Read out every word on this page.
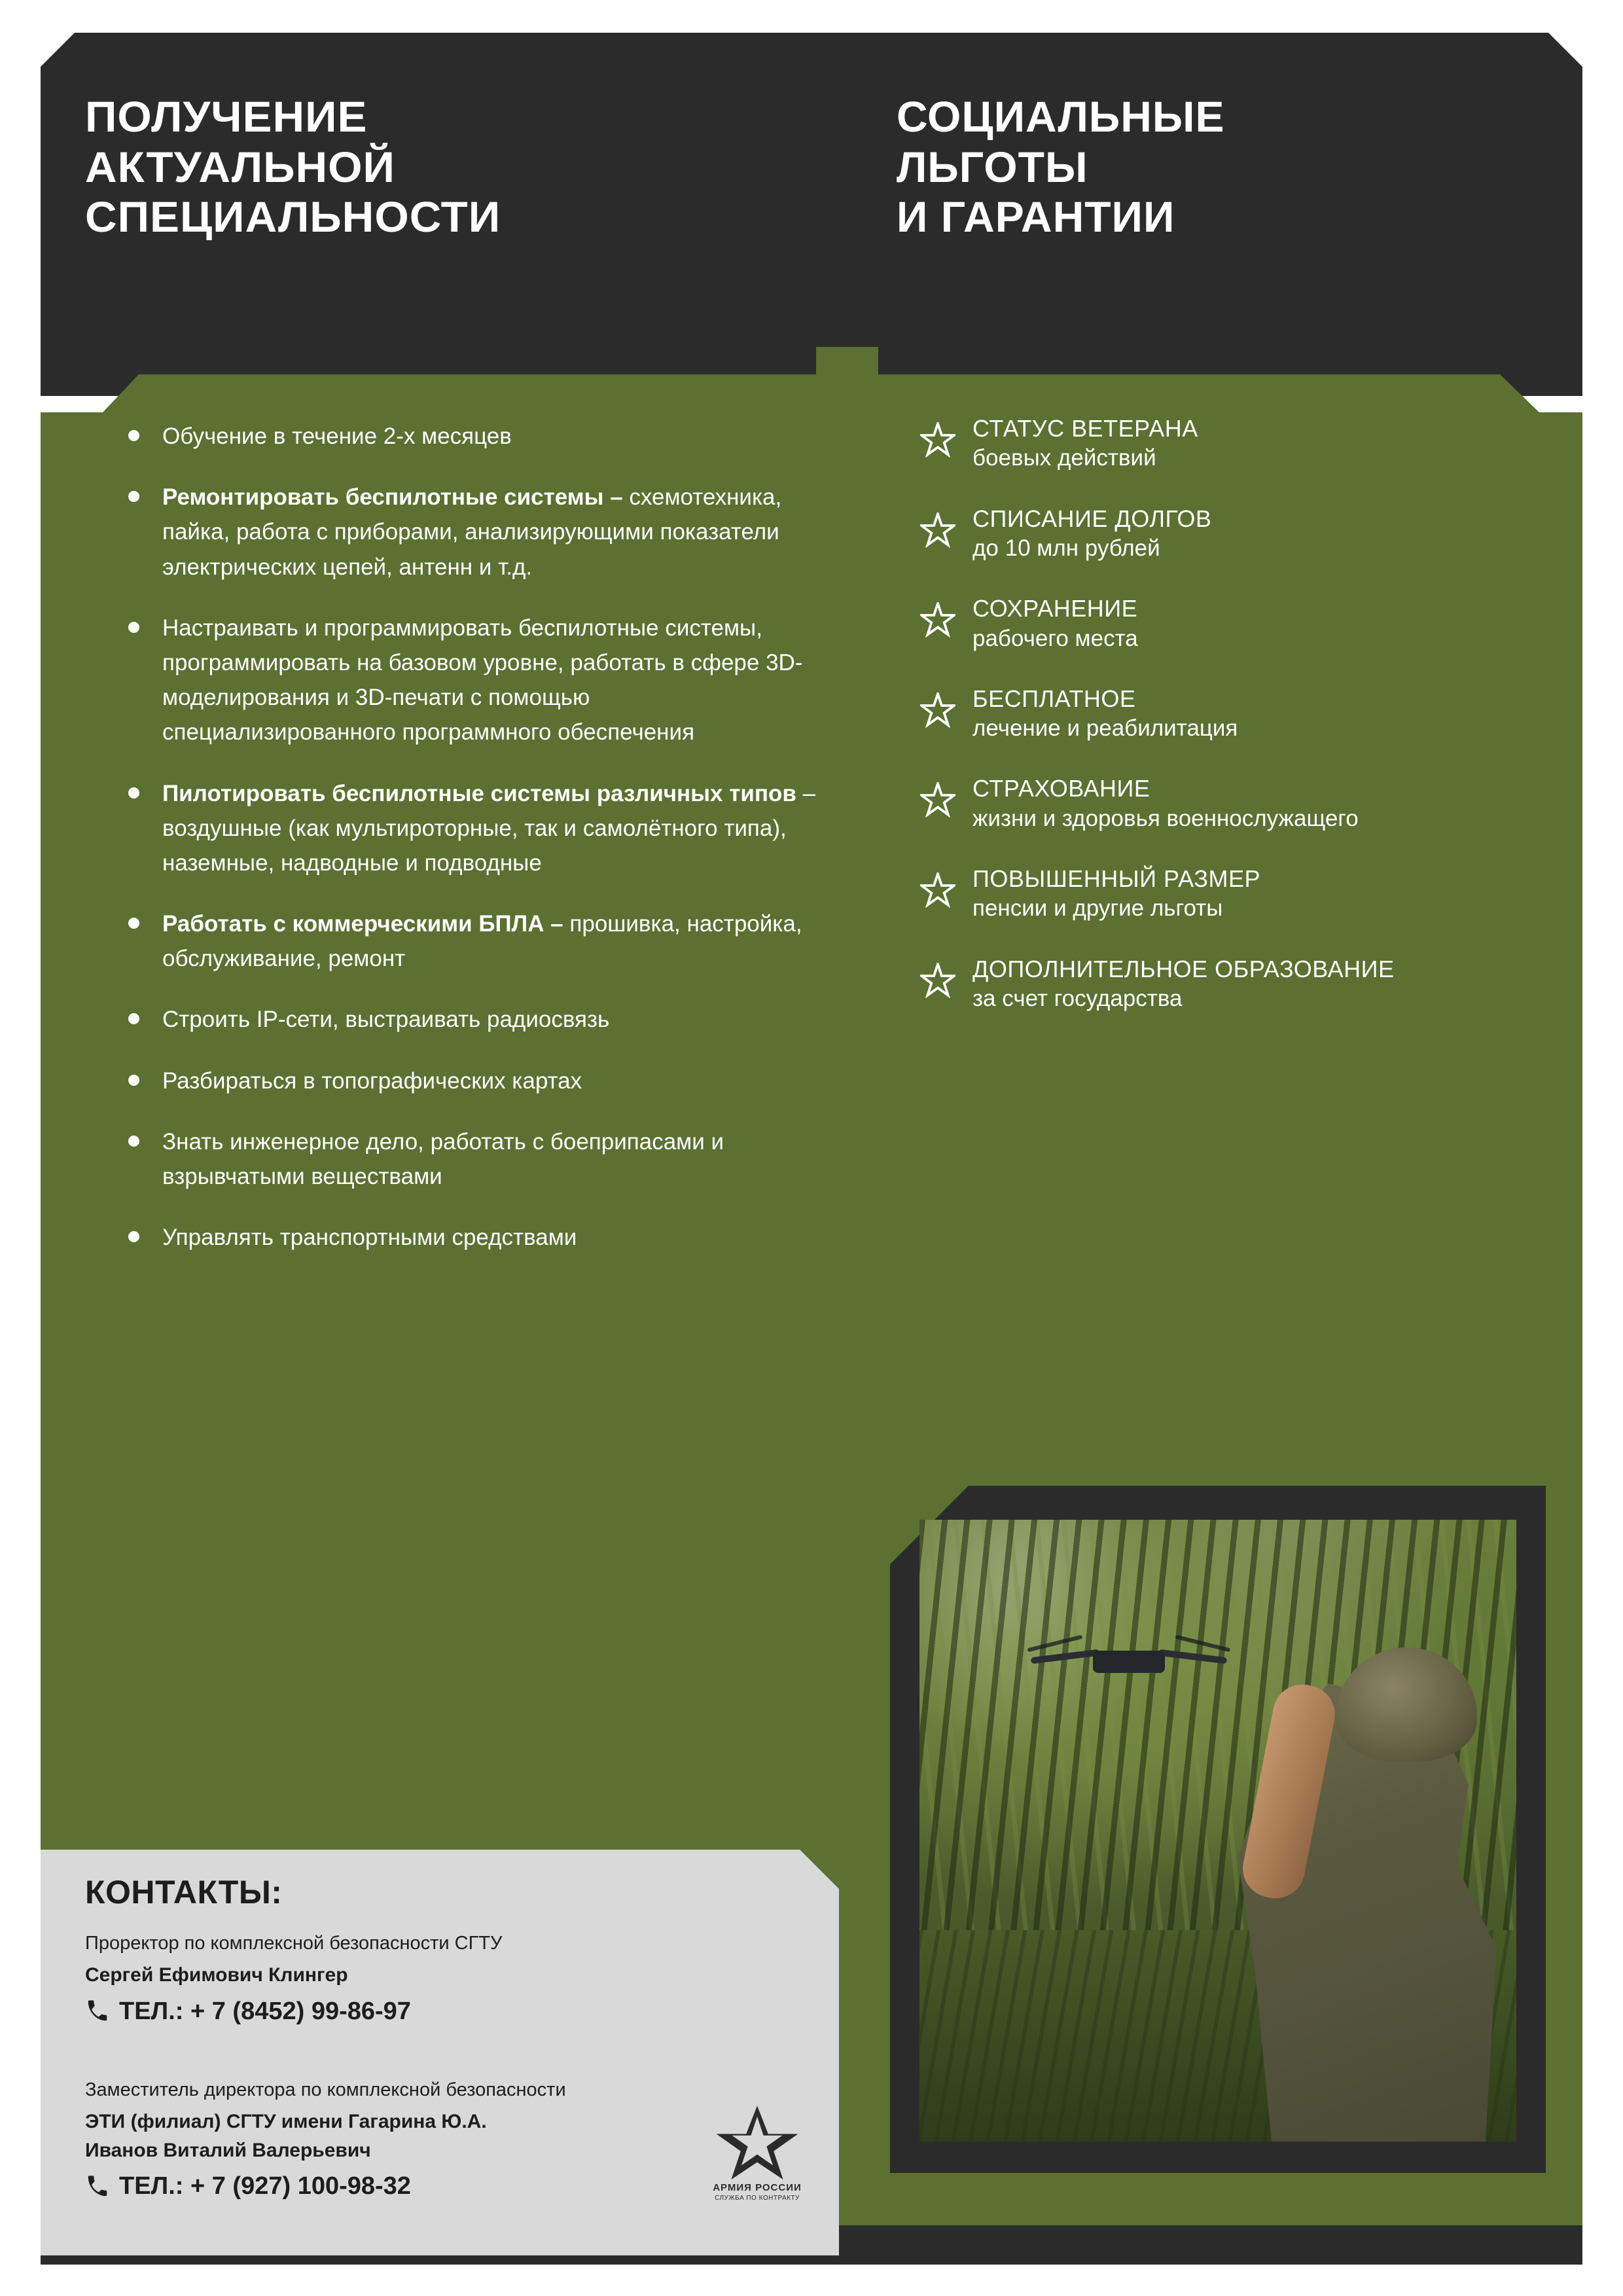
ПОЛУЧЕНИЕ
АКТУАЛЬНОЙ
СПЕЦИАЛЬНОСТИ
СОЦИАЛЬНЫЕ
ЛЬГОТЫ
И ГАРАНТИИ
Обучение в течение 2-х месяцев
Ремонтировать беспилотные системы – схемотехника, пайка, работа с приборами, анализирующими показатели электрических цепей, антенн и т.д.
Настраивать и программировать беспилотные системы, программировать на базовом уровне, работать в сфере 3D-моделирования и 3D-печати с помощью специализированного программного обеспечения
Пилотировать беспилотные системы различных типов – воздушные (как мультироторные, так и самолётного типа), наземные, надводные и подводные
Работать с коммерческими БПЛА – прошивка, настройка, обслуживание, ремонт
Строить IP-сети, выстраивать радиосвязь
Разбираться в топографических картах
Знать инженерное дело, работать с боеприпасами и взрывчатыми веществами
Управлять транспортными средствами
СТАТУС ВЕТЕРАНА
боевых действий
СПИСАНИЕ ДОЛГОВ
до 10 млн рублей
СОХРАНЕНИЕ
рабочего места
БЕСПЛАТНОЕ
лечение и реабилитация
СТРАХОВАНИЕ
жизни и здоровья военнослужащего
ПОВЫШЕННЫЙ РАЗМЕР
пенсии и другие льготы
ДОПОЛНИТЕЛЬНОЕ ОБРАЗОВАНИЕ
за счет государства
КОНТАКТЫ:
Проректор по комплексной безопасности СГТУ
Сергей Ефимович Клингер
ТЕЛ.: + 7 (8452) 99-86-97
Заместитель директора по комплексной безопасности
ЭТИ (филиал) СГТУ имени Гагарина Ю.А.
Иванов Виталий Валерьевич
ТЕЛ.: + 7 (927) 100-98-32	АРМИЯ РОССИИ
СЛУЖБА ПО КОНТРАКТУ
